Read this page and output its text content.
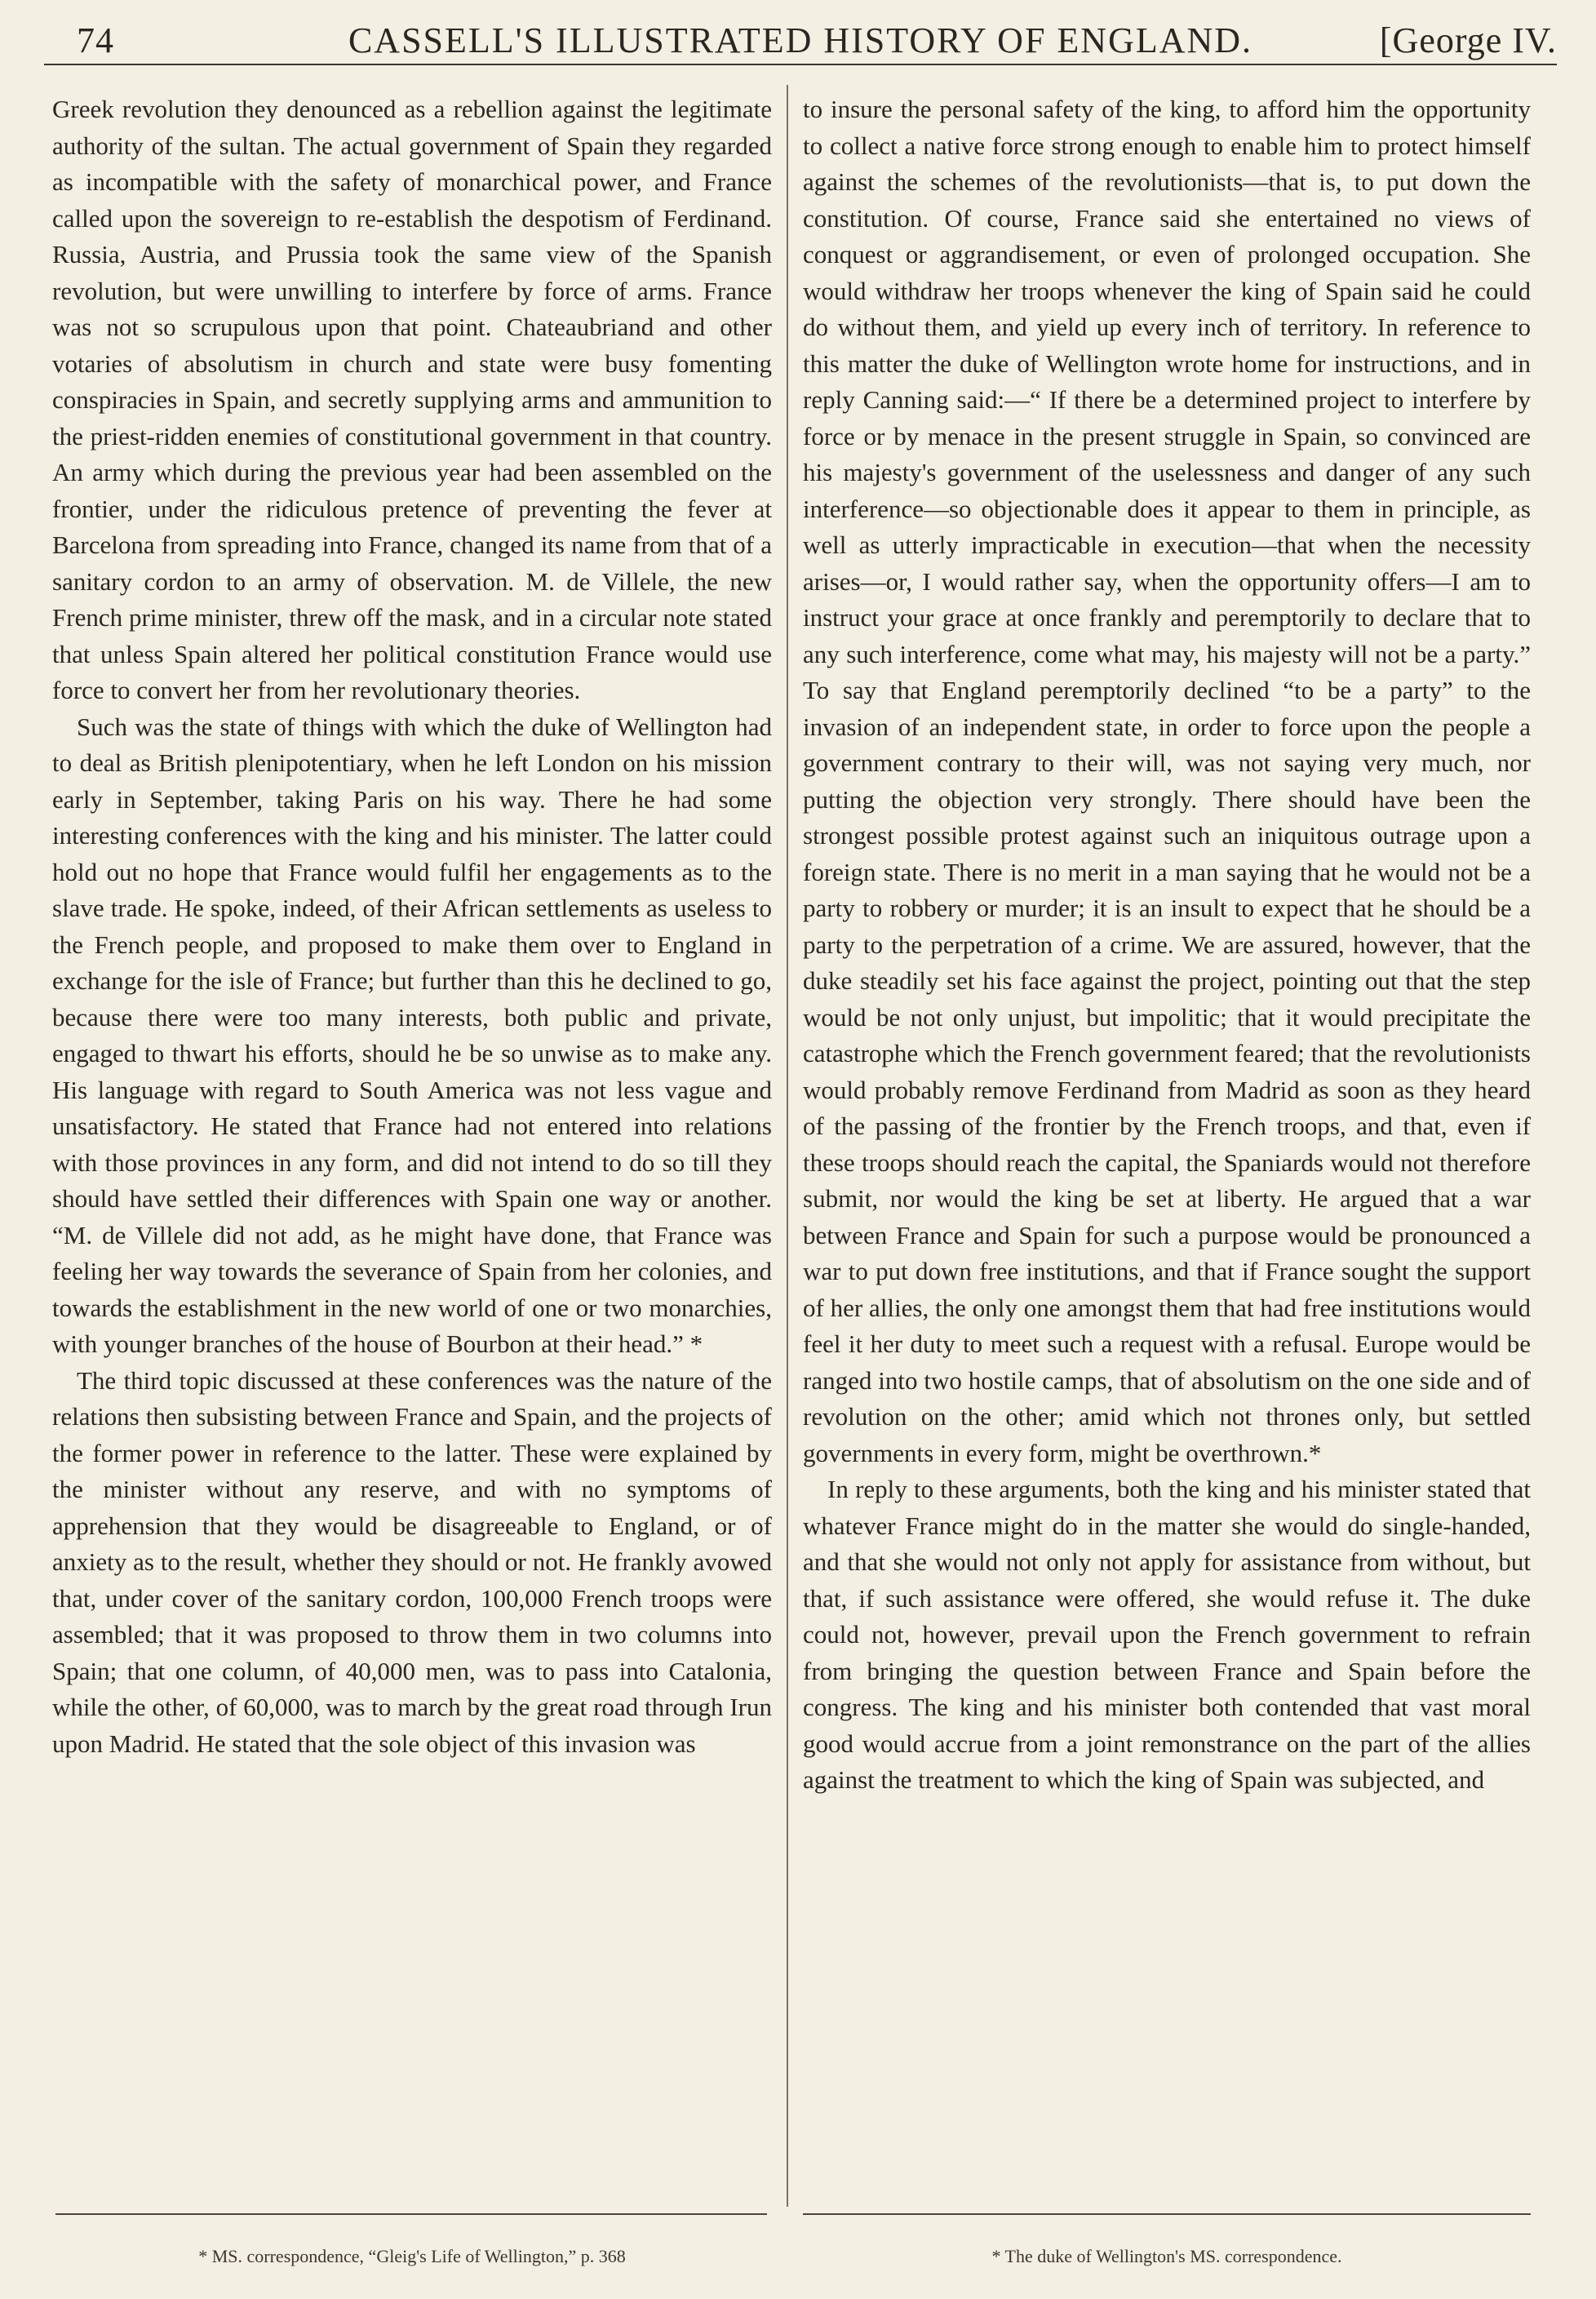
74	CASSELL'S ILLUSTRATED HISTORY OF ENGLAND.	[George IV.

Greek revolution they denounced as a rebellion against the legitimate authority of the sultan. The actual government of Spain they regarded as incompatible with the safety of monarchical power, and France called upon the sovereign to re-establish the despotism of Ferdinand. Russia, Austria, and Prussia took the same view of the Spanish revolution, but were unwilling to interfere by force of arms. France was not so scrupulous upon that point. Chateaubriand and other votaries of absolutism in church and state were busy fomenting conspiracies in Spain, and secretly supplying arms and ammunition to the priest-ridden enemies of constitutional government in that country. An army which during the previous year had been assembled on the frontier, under the ridiculous pretence of preventing the fever at Barcelona from spreading into France, changed its name from that of a sanitary cordon to an army of observation. M. de Villele, the new French prime minister, threw off the mask, and in a circular note stated that unless Spain altered her political constitution France would use force to convert her from her revolutionary theories.

Such was the state of things with which the duke of Wellington had to deal as British plenipotentiary, when he left London on his mission early in September, taking Paris on his way. There he had some interesting conferences with the king and his minister. The latter could hold out no hope that France would fulfil her engagements as to the slave trade. He spoke, indeed, of their African settlements as useless to the French people, and proposed to make them over to England in exchange for the isle of France; but further than this he declined to go, because there were too many interests, both public and private, engaged to thwart his efforts, should he be so unwise as to make any. His language with regard to South America was not less vague and unsatisfactory. He stated that France had not entered into relations with those provinces in any form, and did not intend to do so till they should have settled their differences with Spain one way or another. “M. de Villele did not add, as he might have done, that France was feeling her way towards the severance of Spain from her colonies, and towards the establishment in the new world of one or two monarchies, with younger branches of the house of Bourbon at their head.” *

The third topic discussed at these conferences was the nature of the relations then subsisting between France and Spain, and the projects of the former power in reference to the latter. These were explained by the minister without any reserve, and with no symptoms of apprehension that they would be disagreeable to England, or of anxiety as to the result, whether they should or not. He frankly avowed that, under cover of the sanitary cordon, 100,000 French troops were assembled; that it was proposed to throw them in two columns into Spain; that one column, of 40,000 men, was to pass into Catalonia, while the other, of 60,000, was to march by the great road through Irun upon Madrid. He stated that the sole object of this invasion was

to insure the personal safety of the king, to afford him the opportunity to collect a native force strong enough to enable him to protect himself against the schemes of the revolutionists—that is, to put down the constitution. Of course, France said she entertained no views of conquest or aggrandisement, or even of prolonged occupation. She would withdraw her troops whenever the king of Spain said he could do without them, and yield up every inch of territory. In reference to this matter the duke of Wellington wrote home for instructions, and in reply Canning said:—“ If there be a determined project to interfere by force or by menace in the present struggle in Spain, so convinced are his majesty's government of the uselessness and danger of any such interference—so objectionable does it appear to them in principle, as well as utterly impracticable in execution—that when the necessity arises—or, I would rather say, when the opportunity offers—I am to instruct your grace at once frankly and peremptorily to declare that to any such interference, come what may, his majesty will not be a party.” To say that England peremptorily declined “to be a party” to the invasion of an independent state, in order to force upon the people a government contrary to their will, was not saying very much, nor putting the objection very strongly. There should have been the strongest possible protest against such an iniquitous outrage upon a foreign state. There is no merit in a man saying that he would not be a party to robbery or murder; it is an insult to expect that he should be a party to the perpetration of a crime. We are assured, however, that the duke steadily set his face against the project, pointing out that the step would be not only unjust, but impolitic; that it would precipitate the catastrophe which the French government feared; that the revolutionists would probably remove Ferdinand from Madrid as soon as they heard of the passing of the frontier by the French troops, and that, even if these troops should reach the capital, the Spaniards would not therefore submit, nor would the king be set at liberty. He argued that a war between France and Spain for such a purpose would be pronounced a war to put down free institutions, and that if France sought the support of her allies, the only one amongst them that had free institutions would feel it her duty to meet such a request with a refusal. Europe would be ranged into two hostile camps, that of absolutism on the one side and of revolution on the other; amid which not thrones only, but settled governments in every form, might be overthrown.*

In reply to these arguments, both the king and his minister stated that whatever France might do in the matter she would do single-handed, and that she would not only not apply for assistance from without, but that, if such assistance were offered, she would refuse it. The duke could not, however, prevail upon the French government to refrain from bringing the question between France and Spain before the congress. The king and his minister both contended that vast moral good would accrue from a joint remonstrance on the part of the allies against the treatment to which the king of Spain was subjected, and

* MS. correspondence, “Gleig's Life of Wellington,” p. 368	* The duke of Wellington's MS. correspondence.
